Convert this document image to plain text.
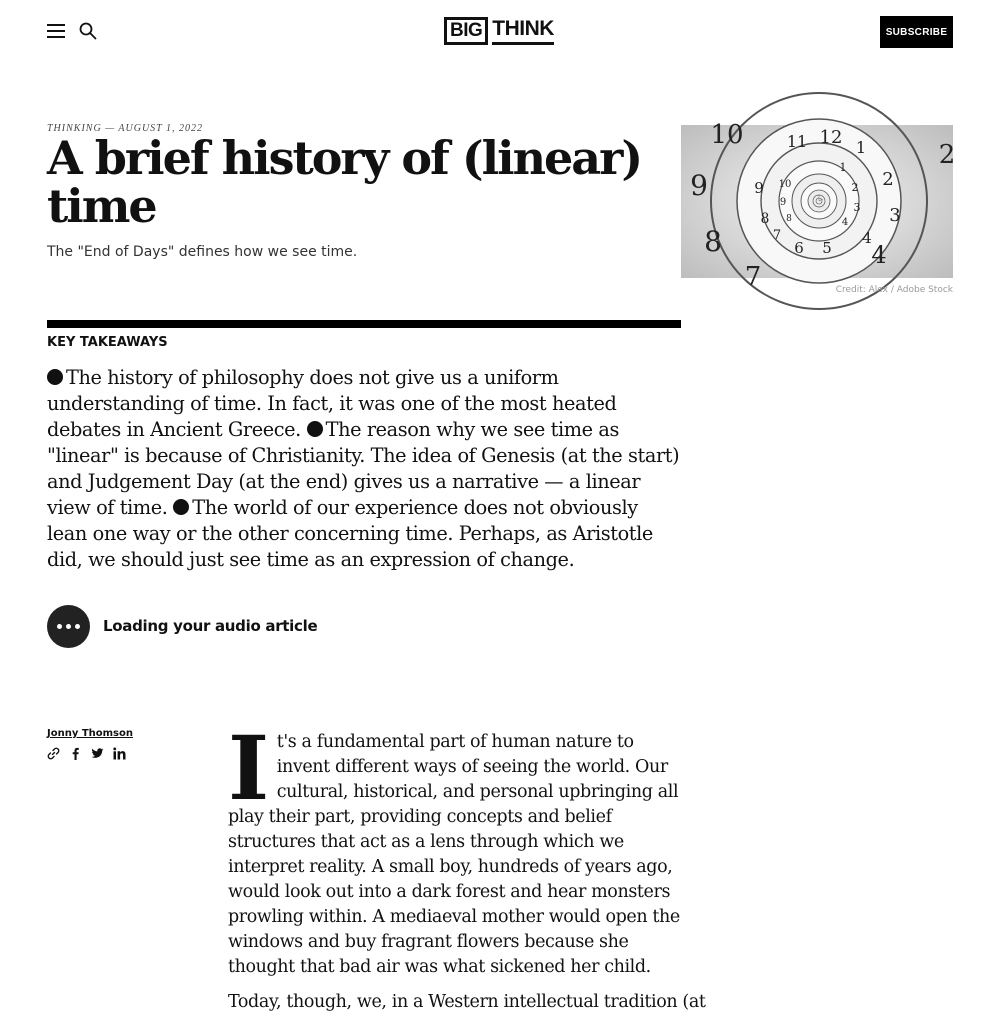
BIG THINK	SUBSCRIBE
THINKING — AUGUST 1, 2022
A brief history of (linear) time
The "End of Days" defines how we see time.
10
9
8
7
4
2
12
11	1
2
3
4
5
6
9
8
7
1
2
3
4
10
9
8
Credit: Alex / Adobe Stock
KEY TAKEAWAYS

The history of philosophy does not give us a uniform understanding of time. In fact, it was one of the most heated debates in Ancient Greece. The reason why we see time as "linear" is because of Christianity. The idea of Genesis (at the start) and Judgement Day (at the end) gives us a narrative — a linear view of time. The world of our experience does not obviously lean one way or the other concerning time. Perhaps, as Aristotle did, we should just see time as an expression of change.

Loading your audio article
Jonny Thomson It's a fundamental part of human nature to invent different ways of seeing the world. Our cultural, historical, and personal upbringing all play their part, providing concepts and belief structures that act as a lens through which we interpret reality. A small boy, hundreds of years ago, would look out into a dark forest and hear monsters prowling within. A mediaeval mother would open the windows and buy fragrant flowers because she thought that bad air was what sickened her child.

Today, though, we, in a Western intellectual tradition (at
